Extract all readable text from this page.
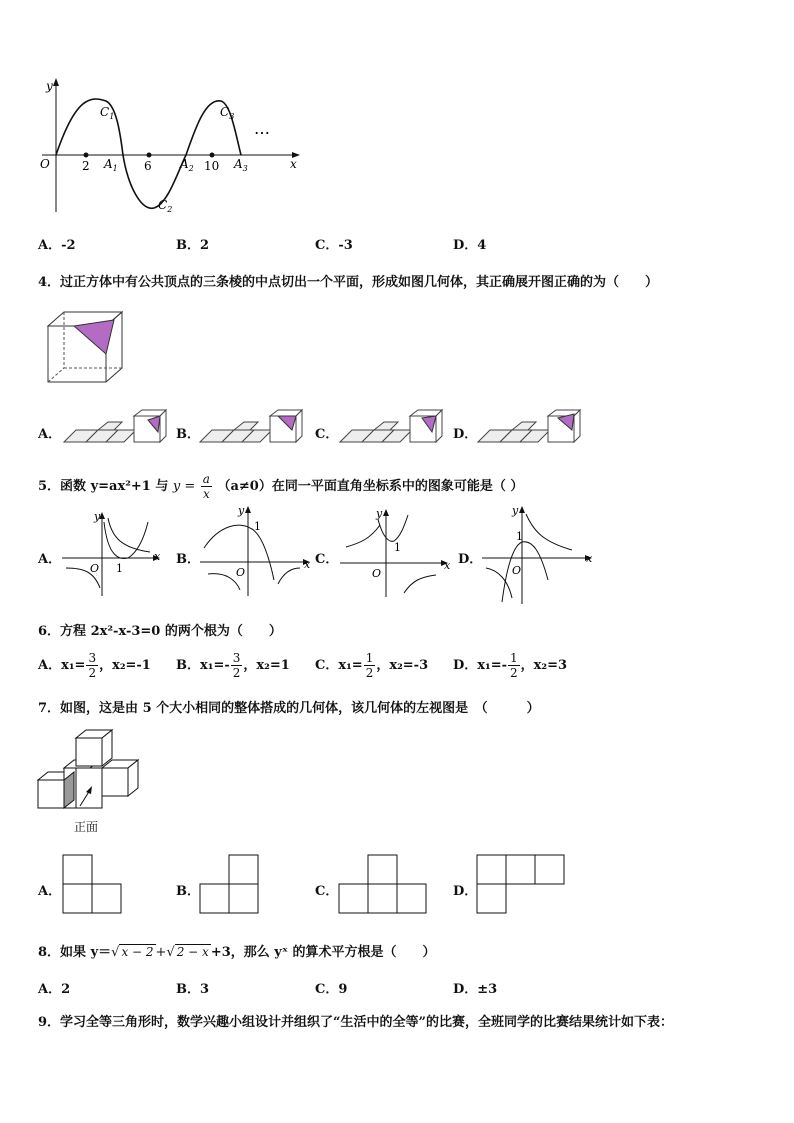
y
x
O
$C_1$
$C_2$
$C_3$
2	6	10
$A_1$	$A_2$	$A_3$
…
A．-2	B．2	C．-3	D．4
4．过正方体中有公共顶点的三条棱的中点切出一个平面，形成如图几何体，其正确展开图正确的为（　　）
A．	B．	C．	D．
5．函数 y=ax²+1 与 $y = \frac{a}{x} (a\ne 0)$在同一平面直角坐标系中的图象可能是（ ）
A．	B．	C．	D．
y
x
O 1
y
x
O
1
y
x
O
1
y
x
O
1
6．方程 2x²-x-3=0 的两个根为（　　）
A．$x_1= \frac{3}{2}$ ，x₂=-1 B．$x_1=- \frac{3}{2}$ ，x₂=1 C．$x_1= \frac{1}{2}$ ，x₂=-3 D．$x_1=- \frac{1}{2}$ ，x₂=3
7．如图，这是由 5 个大小相同的整体搭成的几何体，该几何体的左视图是　（　　　）
正面
A．	B．	C．	D．
8．如果 y＝√ x − 2 +√ 2 − x +3，那么 yˣ 的算术平方根是（　　）
A．2	B．3	C．9	D．±3
9．学习全等三角形时，数学兴趣小组设计并组织了“生活中的全等”的比赛，全班同学的比赛结果统计如下表：
